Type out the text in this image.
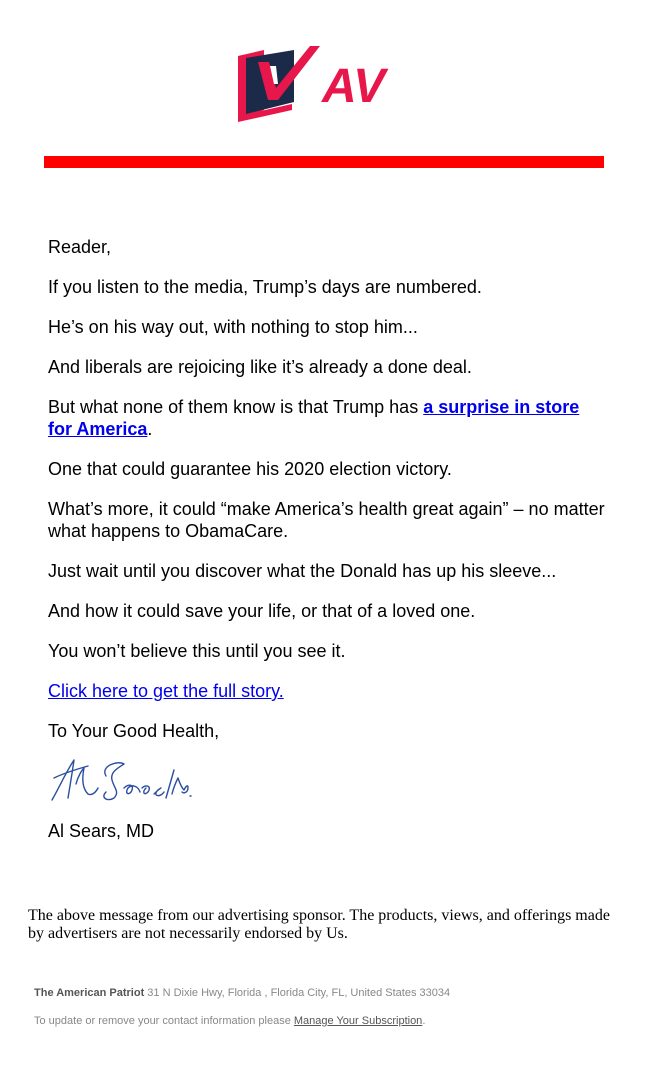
AV

Reader,

If you listen to the media, Trump’s days are numbered.

He’s on his way out, with nothing to stop him...

And liberals are rejoicing like it’s already a done deal.

But what none of them know is that Trump has a surprise in store for America.

One that could guarantee his 2020 election victory.

What’s more, it could “make America’s health great again” – no matter what happens to ObamaCare.

Just wait until you discover what the Donald has up his sleeve...

And how it could save your life, or that of a loved one.

You won’t believe this until you see it.

Click here to get the full story.

To Your Good Health,

Al Sears, MD

The above message from our advertising sponsor. The products, views, and offerings made by advertisers are not necessarily endorsed by Us.
The American Patriot 31 N Dixie Hwy, Florida , Florida City, FL, United States 33034
To update or remove your contact information please Manage Your Subscription.
